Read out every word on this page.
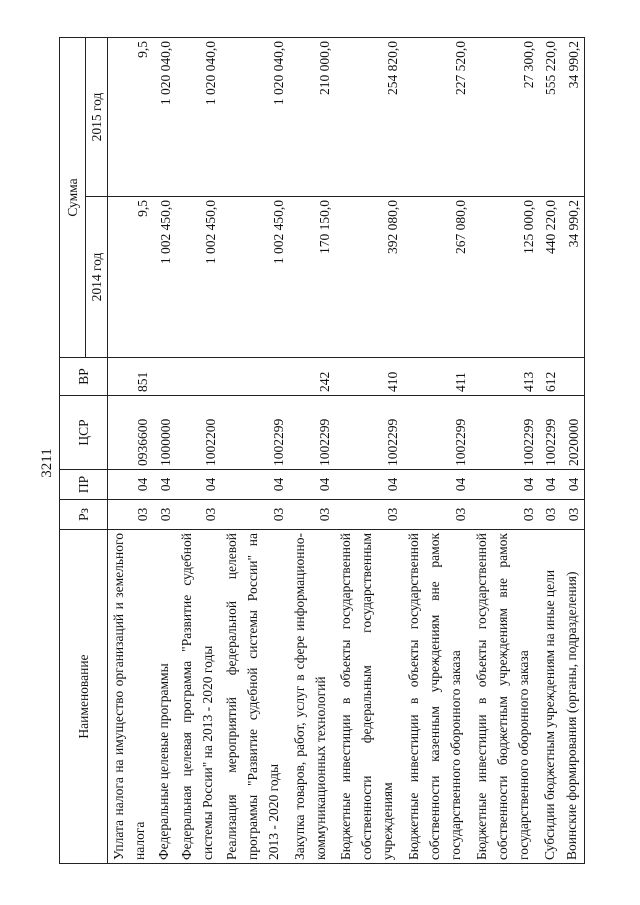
3211
Наименование	Рз	ПР	ЦСР	ВР	Сумма	
					2014 год	2015 год
Уплата налога на имущество организаций и земельного налога	03	04	0936600	851	9,5	9,5
Федеральные целевые программы	03	04	1000000		1 002 450,0	1 020 040,0
Федеральная целевая программа "Развитие судебной системы России" на 2013 - 2020 годы	03	04	1002200		1 002 450,0	1 020 040,0
Реализация мероприятий федеральной целевой программы "Развитие судебной системы России" на 2013 - 2020 годы	03	04	1002299		1 002 450,0	1 020 040,0
Закупка товаров, работ, услуг в сфере информационно-коммуникационных технологий	03	04	1002299	242	170 150,0	210 000,0
Бюджетные инвестиции в объекты государственной собственности федеральным государственным учреждениям	03	04	1002299	410	392 080,0	254 820,0
Бюджетные инвестиции в объекты государственной собственности казенным учреждениям вне рамок государственного оборонного заказа	03	04	1002299	411	267 080,0	227 520,0
Бюджетные инвестиции в объекты государственной собственности бюджетным учреждениям вне рамок государственного оборонного заказа	03	04	1002299	413	125 000,0	27 300,0
Субсидии бюджетным учреждениям на иные цели	03	04	1002299	612	440 220,0	555 220,0
Воинские формирования (органы, подразделения)	03	04	2020000		34 990,2	34 990,2
